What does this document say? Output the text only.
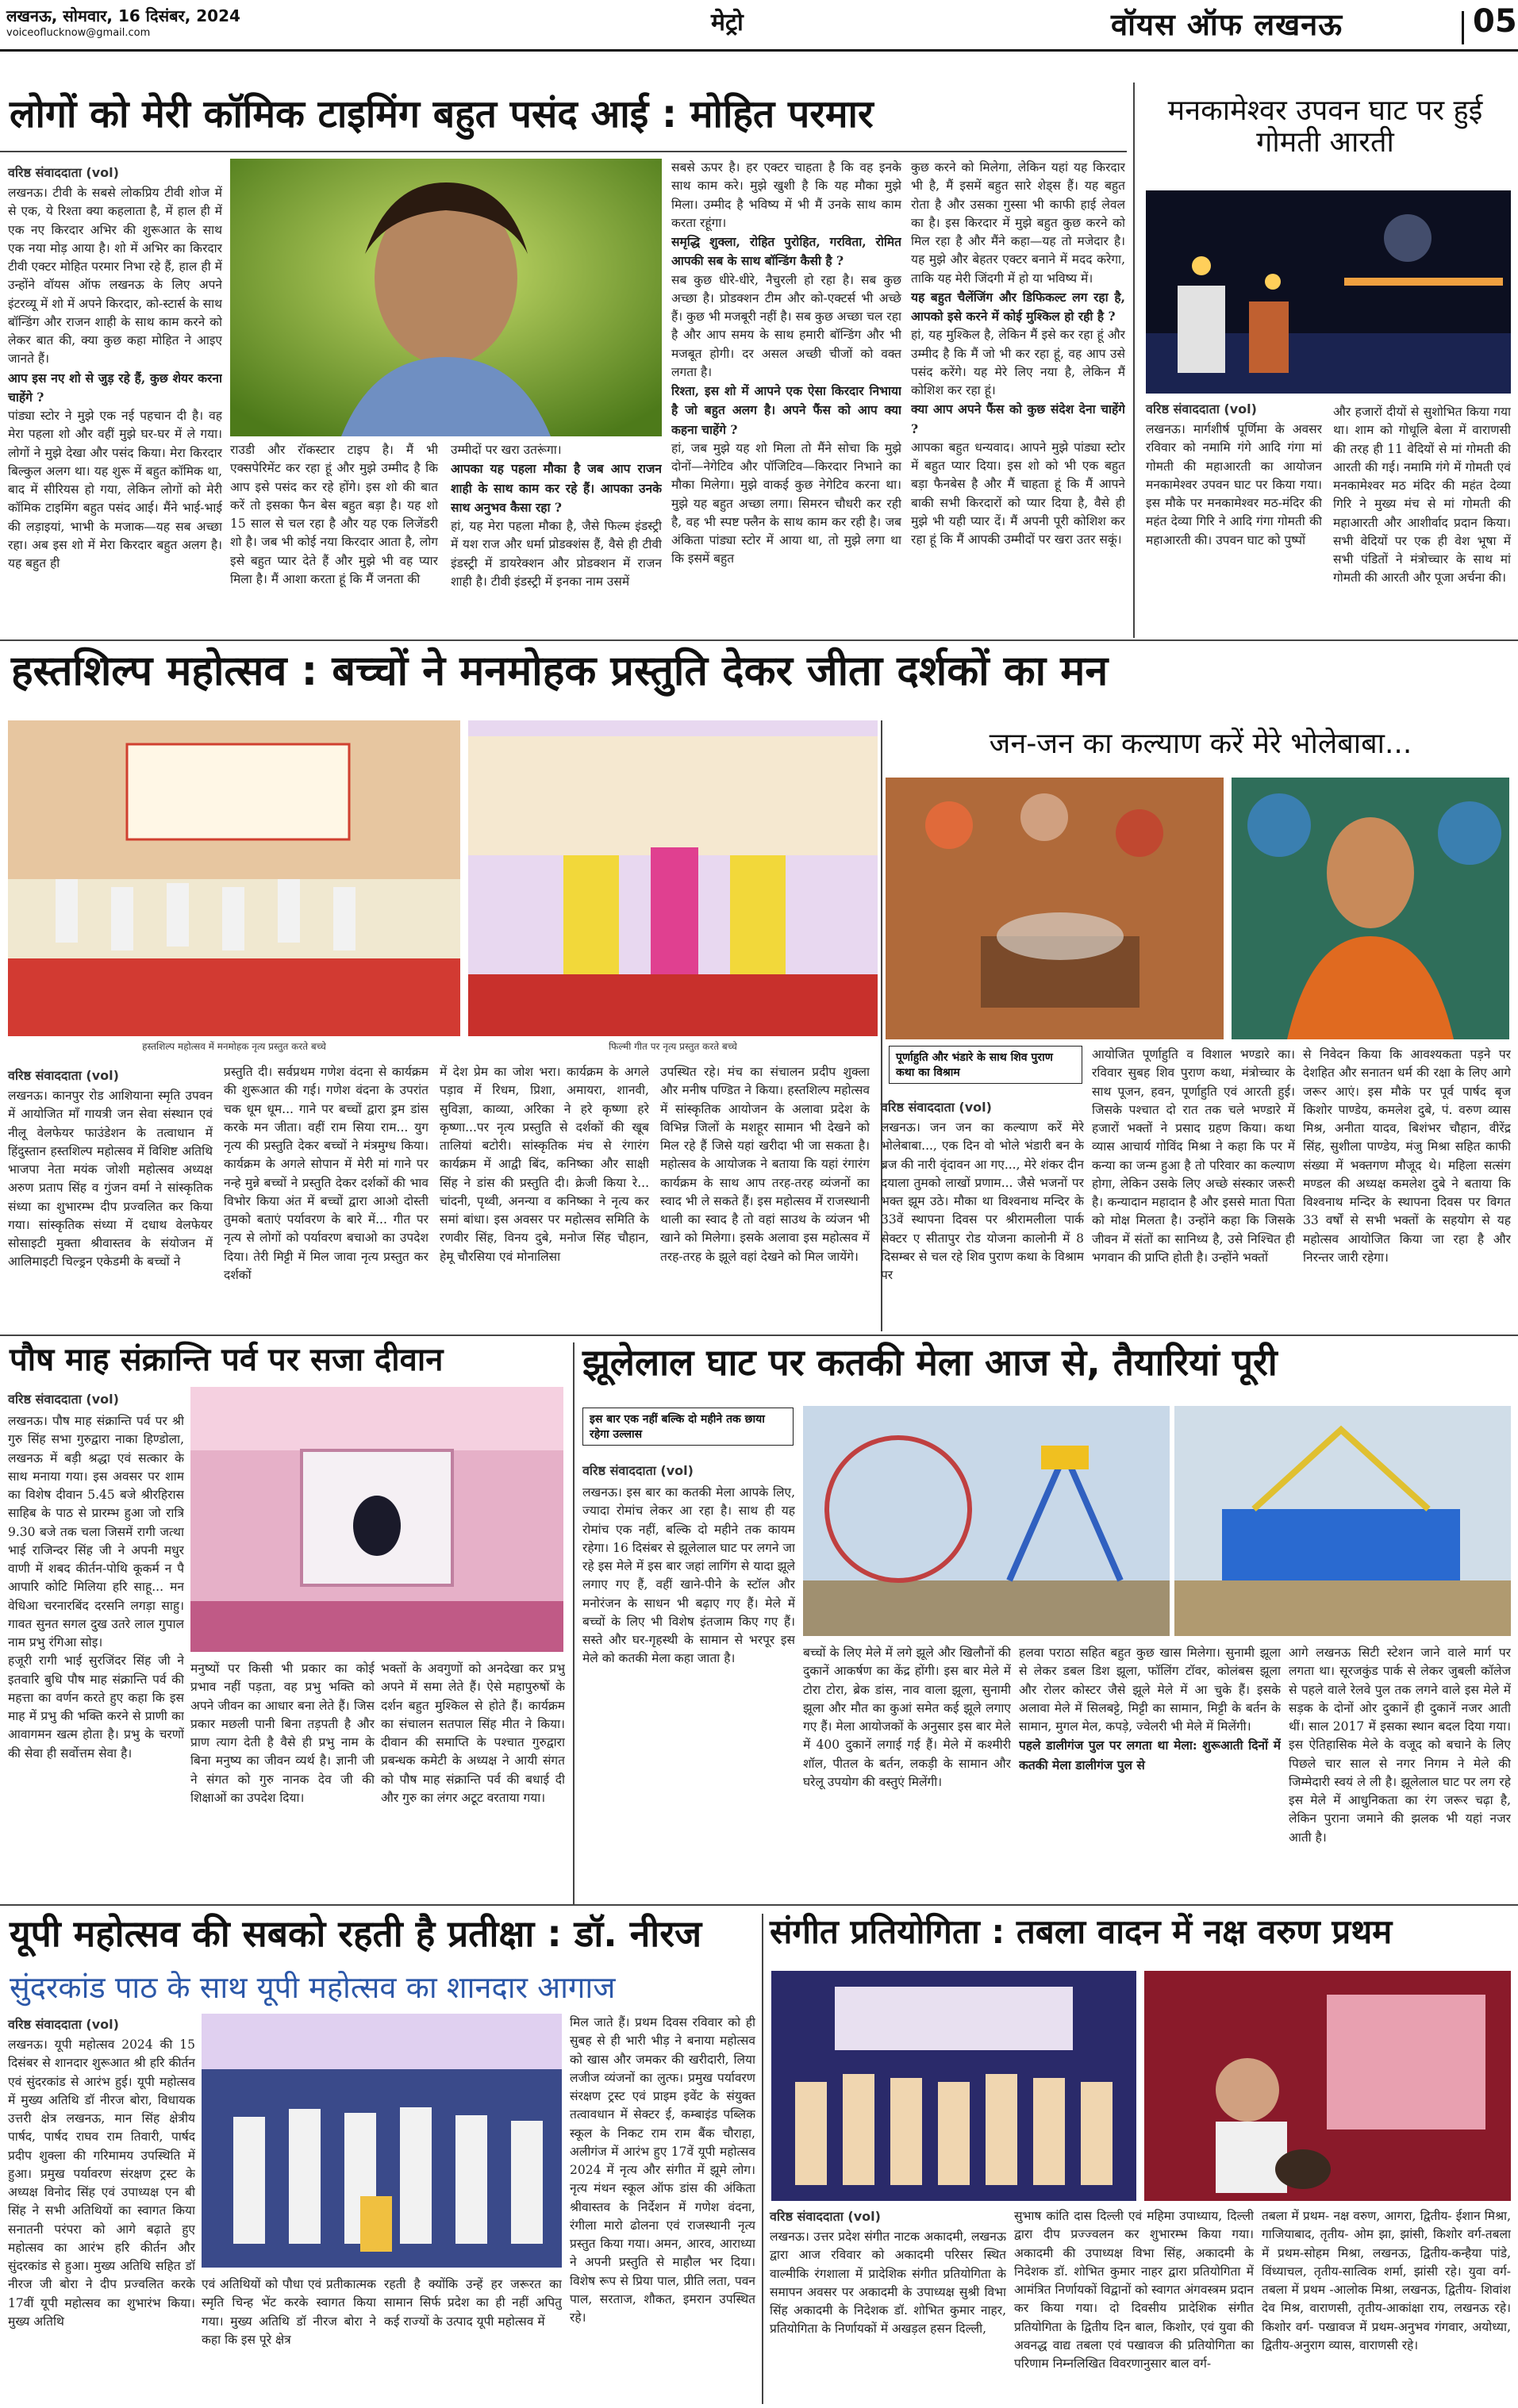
लखनऊ, सोमवार, 16 दिसंबर, 2024
voiceoflucknow@gmail.com	मेट्रो	वॉयस ऑफ लखनऊ	05
लोगों को मेरी कॉमिक टाइमिंग बहुत पसंद आई : मोहित परमार
वरिष्ठ संवाददाता (vol)
लखनऊ। टीवी के सबसे लोकप्रिय टीवी शोज में से एक, ये रिश्ता क्या कहलाता है, में हाल ही में एक नए किरदार अभिर की शुरूआत के साथ एक नया मोड़ आया है। शो में अभिर का किरदार टीवी एक्टर मोहित परमार निभा रहे हैं, हाल ही में उन्होंने वॉयस ऑफ लखनऊ के लिए अपने इंटरव्यू में शो में अपने किरदार, को-स्टार्स के साथ बॉन्डिंग और राजन शाही के साथ काम करने को लेकर बात की, क्या कुछ कहा मोहित ने आइए जानते हैं।
आप इस नए शो से जुड़ रहे हैं, कुछ शेयर करना चाहेंगे ?
पांड्या स्टोर ने मुझे एक नई पहचान दी है। वह मेरा पहला शो और वहीं मुझे घर-घर में ले गया। लोगों ने मुझे देखा और पसंद किया। मेरा किरदार बिल्कुल अलग था। यह शुरू में बहुत कॉमिक था, बाद में सीरियस हो गया, लेकिन लोगों को मेरी कॉमिक टाइमिंग बहुत पसंद आई। मैंने भाई-भाई की लड़ाइयां, भाभी के मजाक—यह सब अच्छा रहा। अब इस शो में मेरा किरदार बहुत अलग है। यह बहुत ही
राउडी और रॉकस्टार टाइप है। मैं भी एक्सपेरिमेंट कर रहा हूं और मुझे उम्मीद है कि आप इसे पसंद कर रहे होंगे। इस शो की बात करें तो इसका फैन बेस बहुत बड़ा है। यह शो 15 साल से चल रहा है और यह एक लिजेंडरी शो है। जब भी कोई नया किरदार आता है, लोग इसे बहुत प्यार देते हैं और मुझे भी वह प्यार मिला है। मैं आशा करता हूं कि मैं जनता की
उम्मीदों पर खरा उतरूंगा।
आपका यह पहला मौका है जब आप राजन शाही के साथ काम कर रहे हैं। आपका उनके साथ अनुभव कैसा रहा ?
हां, यह मेरा पहला मौका है, जैसे फिल्म इंडस्ट्री में यश राज और धर्मा प्रोडक्शंस हैं, वैसे ही टीवी इंडस्ट्री में डायरेक्शन और प्रोडक्शन में राजन शाही है। टीवी इंडस्ट्री में इनका नाम उसमें
सबसे ऊपर है। हर एक्टर चाहता है कि वह इनके साथ काम करे। मुझे खुशी है कि यह मौका मुझे मिला। उम्मीद है भविष्य में भी मैं उनके साथ काम करता रहूंगा।
समृद्धि शुक्ला, रोहित पुरोहित, गरविता, रोमित आपकी सब के साथ बॉन्डिंग कैसी है ?
सब कुछ धीरे-धीरे, नैचुरली हो रहा है। सब कुछ अच्छा है। प्रोडक्शन टीम और को-एक्टर्स भी अच्छे हैं। कुछ भी मजबूरी नहीं है। सब कुछ अच्छा चल रहा है और आप समय के साथ हमारी बॉन्डिंग और भी मजबूत होगी। दर असल अच्छी चीजों को वक्त लगता है।
रिश्ता, इस शो में आपने एक ऐसा किरदार निभाया है जो बहुत अलग है। अपने फैंस को आप क्या कहना चाहेंगे ?
हां, जब मुझे यह शो मिला तो मैंने सोचा कि मुझे दोनों—नेगेटिव और पॉजिटिव—किरदार निभाने का मौका मिलेगा। मुझे वाकई कुछ नेगेटिव करना था। मुझे यह बहुत अच्छा लगा। सिमरन चौधरी कर रही है, वह भी स्पष्ट फ्लैन के साथ काम कर रही है। जब अंकिता पांड्या स्टोर में आया था, तो मुझे लगा था कि इसमें बहुत
कुछ करने को मिलेगा, लेकिन यहां यह किरदार भी है, मैं इसमें बहुत सारे शेड्स हैं। यह बहुत रोता है और उसका गुस्सा भी काफी हाई लेवल का है। इस किरदार में मुझे बहुत कुछ करने को मिल रहा है और मैंने कहा—यह तो मजेदार है। यह मुझे और बेहतर एक्टर बनाने में मदद करेगा, ताकि यह मेरी जिंदगी में हो या भविष्य में।
यह बहुत चैलेंजिंग और डिफिकल्ट लग रहा है, आपको इसे करने में कोई मुश्किल हो रही है ?
हां, यह मुश्किल है, लेकिन मैं इसे कर रहा हूं और उम्मीद है कि मैं जो भी कर रहा हूं, वह आप उसे पसंद करेंगे। यह मेरे लिए नया है, लेकिन मैं कोशिश कर रहा हूं।
क्या आप अपने फैंस को कुछ संदेश देना चाहेंगे ?
आपका बहुत धन्यवाद। आपने मुझे पांड्या स्टोर में बहुत प्यार दिया। इस शो को भी एक बहुत बड़ा फैनबेस है और मैं चाहता हूं कि मैं आपने बाकी सभी किरदारों को प्यार दिया है, वैसे ही मुझे भी यही प्यार दें। मैं अपनी पूरी कोशिश कर रहा हूं कि मैं आपकी उम्मीदों पर खरा उतर सकूं।
मनकामेश्वर उपवन घाट पर हुई गोमती आरती
वरिष्ठ संवाददाता (vol)
लखनऊ। मार्गशीर्ष पूर्णिमा के अवसर रविवार को नमामि गंगे आदि गंगा मां गोमती की महाआरती का आयोजन मनकामेश्वर उपवन घाट पर किया गया। इस मौके पर मनकामेश्वर मठ-मंदिर की महंत देव्या गिरि ने आदि गंगा गोमती की महाआरती की। उपवन घाट को पुष्पों
और हजारों दीयों से सुशोभित किया गया था। शाम को गोधूलि बेला में वाराणसी की तरह ही 11 वेदियों से मां गोमती की आरती की गई। नमामि गंगे में गोमती एवं मनकामेश्वर मठ मंदिर की महंत देव्या गिरि ने मुख्य मंच से मां गोमती की महाआरती और आशीर्वाद प्रदान किया। सभी वेदियों पर एक ही वेश भूषा में सभी पंडितों ने मंत्रोच्चार के साथ मां गोमती की आरती और पूजा अर्चना की।
हस्तशिल्प महोत्सव : बच्चों ने मनमोहक प्रस्तुति देकर जीता दर्शकों का मन
हस्तशिल्प महोत्सव में मनमोहक नृत्य प्रस्तुत करते बच्चे	फिल्मी गीत पर नृत्य प्रस्तुत करते बच्चे
वरिष्ठ संवाददाता (vol)
लखनऊ। कानपुर रोड आशियाना स्मृति उपवन में आयोजित माँ गायत्री जन सेवा संस्थान एवं नीलू वेलफेयर फाउंडेशन के तत्वाधान में हिंदुस्तान हस्तशिल्प महोत्सव में विशिष्ट अतिथि भाजपा नेता मयंक जोशी महोत्सव अध्यक्ष अरुण प्रताप सिंह व गुंजन वर्मा ने सांस्कृतिक संध्या का शुभारम्भ दीप प्रज्वलित कर किया गया। सांस्कृतिक संध्या में दधाथ वेलफेयर सोसाइटी मुक्ता श्रीवास्तव के संयोजन में आलिमाइटी चिल्ड्रन एकेडमी के बच्चों ने
प्रस्तुति दी। सर्वप्रथम गणेश वंदना से कार्यक्रम की शुरूआत की गई। गणेश वंदना के उपरांत चक धूम धूम... गाने पर बच्चों द्वारा ड्रम डांस करके मन जीता। वहीं राम सिया राम... युग नृत्य की प्रस्तुति देकर बच्चों ने मंत्रमुग्ध किया। कार्यक्रम के अगले सोपान में मेरी मां गाने पर नन्हे मुन्ने बच्चों ने प्रस्तुति देकर दर्शकों की भाव विभोर किया अंत में बच्चों द्वारा आओ दोस्ती तुमको बताएं पर्यावरण के बारे में... गीत पर नृत्य से लोगों को पर्यावरण बचाओ का उपदेश दिया। तेरी मिट्टी में मिल जावा नृत्य प्रस्तुत कर दर्शकों
में देश प्रेम का जोश भरा। कार्यक्रम के अगले पड़ाव में रिधम, प्रिशा, अमायरा, शानवी, सुविज्ञा, काव्या, अरिका ने हरे कृष्णा हरे कृष्णा...पर नृत्य प्रस्तुति से दर्शकों की खूब तालियां बटोरी। सांस्कृतिक मंच से रंगारंग कार्यक्रम में आद्वी बिंद, कनिष्का और साक्षी सिंह ने डांस की प्रस्तुति दी। क्रेजी किया रे... चांदनी, पृथ्वी, अनन्या व कनिष्का ने नृत्य कर समां बांधा। इस अवसर पर महोत्सव समिति के रणवीर सिंह, विनय दुबे, मनोज सिंह चौहान, हेमू चौरसिया एवं मोनालिसा
उपस्थित रहे। मंच का संचालन प्रदीप शुक्ला और मनीष पण्डित ने किया। हस्तशिल्प महोत्सव में सांस्कृतिक आयोजन के अलावा प्रदेश के विभिन्न जिलों के मशहूर सामान भी देखने को मिल रहे हैं जिसे यहां खरीदा भी जा सकता है। महोत्सव के आयोजक ने बताया कि यहां रंगारंग कार्यक्रम के साथ आप तरह-तरह व्यंजनों का स्वाद भी ले सकते हैं। इस महोत्सव में राजस्थानी थाली का स्वाद है तो वहां साउथ के व्यंजन भी खाने को मिलेगा। इसके अलावा इस महोत्सव में तरह-तरह के झूले वहां देखने को मिल जायेंगे।
जन-जन का कल्याण करें मेरे भोलेबाबा...
पूर्णाहुति और भंडारे के साथ शिव पुराण कथा का विश्राम
वरिष्ठ संवाददाता (vol)
लखनऊ। जन जन का कल्याण करें मेरे भोलेबाबा..., एक दिन वो भोले भंडारी बन के ब्रज की नारी वृंदावन आ गए..., मेरे शंकर दीन दयाला तुमको लाखों प्रणाम... जैसे भजनों पर भक्त झूम उठे। मौका था विश्वनाथ मन्दिर के 33वें स्थापना दिवस पर श्रीरामलीला पार्क सेक्टर ए सीतापुर रोड योजना कालोनी में 8 दिसम्बर से चल रहे शिव पुराण कथा के विश्राम पर
आयोजित पूर्णाहुति व विशाल भण्डारे का। रविवार सुबह शिव पुराण कथा, मंत्रोच्चार के साथ पूजन, हवन, पूर्णाहुति एवं आरती हुई। जिसके पश्चात दो रात तक चले भण्डारे में हजारों भक्तों ने प्रसाद ग्रहण किया। कथा व्यास आचार्य गोविंद मिश्रा ने कहा कि पर में कन्या का जन्म हुआ है तो परिवार का कल्याण होगा, लेकिन उसके लिए अच्छे संस्कार जरूरी है। कन्यादान महादान है और इससे माता पिता को मोक्ष मिलता है। उन्होंने कहा कि जिसके जीवन में संतों का सानिध्य है, उसे निश्चित ही भगवान की प्राप्ति होती है। उन्होंने भक्तों
से निवेदन किया कि आवश्यकता पड़ने पर देशहित और सनातन धर्म की रक्षा के लिए आगे जरूर आएं। इस मौके पर पूर्व पार्षद बृज किशोर पाण्डेय, कमलेश दुबे, पं. वरुण व्यास मिश्र, अनीता यादव, बिशंभर चौहान, वीरेंद्र सिंह, सुशीला पाण्डेय, मंजु मिश्रा सहित काफी संख्या में भक्तगण मौजूद थे। महिला सत्संग मण्डल की अध्यक्ष कमलेश दुबे ने बताया कि विश्वनाथ मन्दिर के स्थापना दिवस पर विगत 33 वर्षों से सभी भक्तों के सहयोग से यह महोत्सव आयोजित किया जा रहा है और निरन्तर जारी रहेगा।
पौष माह संक्रान्ति पर्व पर सजा दीवान
वरिष्ठ संवाददाता (vol)
लखनऊ। पौष माह संक्रान्ति पर्व पर श्री गुरु सिंह सभा गुरुद्वारा नाका हिण्डोला, लखनऊ में बड़ी श्रद्धा एवं सत्कार के साथ मनाया गया। इस अवसर पर शाम का विशेष दीवान 5.45 बजे श्रीरहिरास साहिब के पाठ से प्रारम्भ हुआ जो रात्रि 9.30 बजे तक चला जिसमें रागी जत्था भाई राजिन्दर सिंह जी ने अपनी मधुर वाणी में शबद कीर्तन-पोथि कूकर्म न पै आपारि कोटि मिलिया हरि साहू... मन वेधिआ चरनारबिंद दरसनि लगड़ा साहु। गावत सुनत सगल दुख उतरे लाल गुपाल नाम प्रभु रंगिआ सोइ।
हजूरी रागी भाई सुरजिंदर सिंह जी ने इतवारि बुधि पौष माह संक्रान्ति पर्व की महत्ता का वर्णन करते हुए कहा कि इस माह में प्रभु की भक्ति करने से प्राणी का आवागमन खत्म होता है। प्रभु के चरणों की सेवा ही सर्वोत्तम सेवा है।
मनुष्यों पर किसी भी प्रकार का कोई प्रभाव नहीं पड़ता, वह प्रभु भक्ति को अपने जीवन का आधार बना लेते हैं। जिस प्रकार मछली पानी बिना तड़पती है और प्राण त्याग देती है वैसे ही प्रभु नाम के बिना मनुष्य का जीवन व्यर्थ है। ज्ञानी जी ने संगत को गुरु नानक देव जी की शिक्षाओं का उपदेश दिया।
भक्तों के अवगुणों को अनदेखा कर प्रभु अपने में समा लेते हैं। ऐसे महापुरुषों के दर्शन बहुत मुश्किल से होते हैं। कार्यक्रम का संचालन सतपाल सिंह मीत ने किया। दीवान की समाप्ति के पश्चात गुरुद्वारा प्रबन्धक कमेटी के अध्यक्ष ने आयी संगत को पौष माह संक्रान्ति पर्व की बधाई दी और गुरु का लंगर अटूट वरताया गया।
झूलेलाल घाट पर कतकी मेला आज से, तैयारियां पूरी
इस बार एक नहीं बल्कि दो महीने तक छाया रहेगा उल्लास
वरिष्ठ संवाददाता (vol)
लखनऊ। इस बार का कतकी मेला आपके लिए, ज्यादा रोमांच लेकर आ रहा है। साथ ही यह रोमांच एक नहीं, बल्कि दो महीने तक कायम रहेगा। 16 दिसंबर से झूलेलाल घाट पर लगने जा रहे इस मेले में इस बार जहां लागिंग से यादा झूले लगाए गए हैं, वहीं खाने-पीने के स्टॉल और मनोरंजन के साधन भी बढ़ाए गए हैं। मेले में बच्चों के लिए भी विशेष इंतजाम किए गए हैं। सस्ते और घर-गृहस्थी के सामान से भरपूर इस मेले को कतकी मेला कहा जाता है।	बच्चों के लिए मेले में लगे झूले और खिलौनों की दुकानें आकर्षण का केंद्र होंगी। इस बार मेले में टोरा टोरा, ब्रेक डांस, नाव वाला झूला, सुनामी झूला और मौत का कुआं समेत कई झूले लगाए गए हैं। मेला आयोजकों के अनुसार इस बार मेले में 400 दुकानें लगाई गई हैं। मेले में कश्मीरी शॉल, पीतल के बर्तन, लकड़ी के सामान और घरेलू उपयोग की वस्तुएं मिलेंगी।
हलवा पराठा सहित बहुत कुछ खास मिलेगा। सुनामी झूला से लेकर डबल डिश झूला, फॉलिंग टॉवर, कोलंबस झूला और रोलर कोस्टर जैसे झूले मेले में आ चुके हैं। इसके अलावा मेले में सिलबट्टे, मिट्टी का सामान, मिट्टी के बर्तन के सामान, मुगल मेल, कपड़े, ज्वेलरी भी मेले में मिलेंगी।
पहले डालीगंज पुल पर लगता था मेला: शुरूआती दिनों में कतकी मेला डालीगंज पुल से
आगे लखनऊ सिटी स्टेशन जाने वाले मार्ग पर लगता था। सूरजकुंड पार्क से लेकर जुबली कॉलेज से पहले वाले रेलवे पुल तक लगने वाले इस मेले में सड़क के दोनों ओर दुकानें ही दुकानें नजर आती थीं। साल 2017 में इसका स्थान बदल दिया गया। इस ऐतिहासिक मेले के वजूद को बचाने के लिए पिछले चार साल से नगर निगम ने मेले की जिम्मेदारी स्वयं ले ली है। झूलेलाल घाट पर लग रहे इस मेले में आधुनिकता का रंग जरूर चढ़ा है, लेकिन पुराना जमाने की झलक भी यहां नजर आती है।
यूपी महोत्सव की सबको रहती है प्रतीक्षा : डॉ. नीरज
सुंदरकांड पाठ के साथ यूपी महोत्सव का शानदार आगाज
वरिष्ठ संवाददाता (vol)
लखनऊ। यूपी महोत्सव 2024 की 15 दिसंबर से शानदार शुरूआत श्री हरि कीर्तन एवं सुंदरकांड से आरंभ हुई। यूपी महोत्सव में मुख्य अतिथि डॉ नीरज बोरा, विधायक उत्तरी क्षेत्र लखनऊ, मान सिंह क्षेत्रीय पार्षद, पार्षद राघव राम तिवारी, पार्षद प्रदीप शुक्ला की गरिमामय उपस्थिति में हुआ। प्रमुख पर्यावरण संरक्षण ट्रस्ट के अध्यक्ष विनोद सिंह एवं उपाध्यक्ष एन बी सिंह ने सभी अतिथियों का स्वागत किया सनातनी परंपरा को आगे बढ़ाते हुए महोत्सव का आरंभ हरि कीर्तन और सुंदरकांड से हुआ। मुख्य अतिथि सहित डॉ नीरज जी बोरा ने दीप प्रज्वलित करके 17वीं यूपी महोत्सव का शुभारंभ किया। मुख्य अतिथि
एवं अतिथियों को पौधा एवं प्रतीकात्मक स्मृति चिन्ह भेंट करके स्वागत किया गया। मुख्य अतिथि डॉ नीरज बोरा ने कहा कि इस पूरे क्षेत्र
रहती है क्योंकि उन्हें हर जरूरत का सामान सिर्फ प्रदेश का ही नहीं अपितु कई राज्यों के उत्पाद यूपी महोत्सव में
मिल जाते हैं। प्रथम दिवस रविवार को ही सुबह से ही भारी भीड़ ने बनाया महोत्सव को खास और जमकर की खरीदारी, लिया लजीज व्यंजनों का लुत्फ। प्रमुख पर्यावरण संरक्षण ट्रस्ट एवं प्राइम इवेंट के संयुक्त तत्वावधान में सेक्टर ई, कम्बाइंड पब्लिक स्कूल के निकट राम राम बैंक चौराहा, अलीगंज में आरंभ हुए 17वें यूपी महोत्सव 2024 में नृत्य और संगीत में झूमे लोग। नृत्य मंथन स्कूल ऑफ डांस की अंकिता श्रीवास्तव के निर्देशन में गणेश वंदना, रंगीला मारो ढोलना एवं राजस्थानी नृत्य प्रस्तुत किया गया। अमन, आरव, आराध्या ने अपनी प्रस्तुति से माहौल भर दिया। विशेष रूप से प्रिया पाल, प्रीति लता, पवन पाल, सरताज, शौकत, इमरान उपस्थित रहे।
संगीत प्रतियोगिता : तबला वादन में नक्ष वरुण प्रथम
वरिष्ठ संवाददाता (vol)
लखनऊ। उत्तर प्रदेश संगीत नाटक अकादमी, लखनऊ द्वारा आज रविवार को अकादमी परिसर स्थित वाल्मीकि रंगशाला में प्रादेशिक संगीत प्रतियोगिता के समापन अवसर पर अकादमी के उपाध्यक्ष सुश्री विभा सिंह अकादमी के निदेशक डॉ. शोभित कुमार नाहर, प्रतियोगिता के निर्णायकों में अखड़ल हसन दिल्ली,
सुभाष कांति दास दिल्ली एवं महिमा उपाध्याय, दिल्ली द्वारा दीप प्रज्ज्वलन कर शुभारम्भ किया गया। अकादमी की उपाध्यक्ष विभा सिंह, अकादमी के निदेशक डॉ. शोभित कुमार नाहर द्वारा प्रतियोगिता में आमंत्रित निर्णायकों विद्वानों को स्वागत अंगवस्त्रम प्रदान कर किया गया। दो दिवसीय प्रादेशिक संगीत प्रतियोगिता के द्वितीय दिन बाल, किशोर, एवं युवा की अवनद्ध वाद्य तबला एवं पखावज की प्रतियोगिता का परिणाम निम्नलिखित विवरणानुसार बाल वर्ग-
तबला में प्रथम- नक्ष वरुण, आगरा, द्वितीय- ईशान मिश्रा, गाजियाबाद, तृतीय- ओम झा, झांसी, किशोर वर्ग-तबला में प्रथम-सोहम मिश्रा, लखनऊ, द्वितीय-कन्हैया पांडे, विंध्याचल, तृतीय-सात्विक शर्मा, झांसी रहे। युवा वर्ग- तबला में प्रथम -आलोक मिश्रा, लखनऊ, द्वितीय- शिवांश देव मिश्र, वाराणसी, तृतीय-आकांक्षा राय, लखनऊ रहे। किशोर वर्ग- पखावज में प्रथम-अनुभव गंगवार, अयोध्या, द्वितीय-अनुराग व्यास, वाराणसी रहे।
